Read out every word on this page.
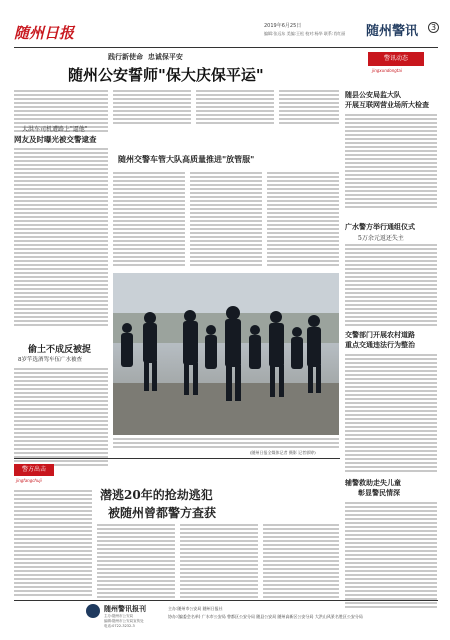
随州日报	2019年6月25日
编辑:张远东 美编:王松 校对:杨华 联系:肖红丽 随州警讯	3
践行新使命  忠诚保平安
随州公安誓师"保大庆保平运"
警讯动态
jingxundongtai
随县公安局监大队
开展互联网营业场所大检查
广水警方举行通组仪式
5万余元返还失主
交警部门开展农村道路
重点交通违法行为整治
辅警救助走失儿童
彰显警民情深
大洪车司机遭路上"逼他"
网友及时曝光被交警逮查
随州交警车管大队高质量推进"放管服"
(随州日报全媒体记者 摄影 记者郭婷)
偷土不成反被捉
8岁竿选酒驾车伍广水被查
警方出击
jingfangchuji
潜逃20年的抢劫逃犯
被随州曾都警方查获
随州警讯报刊
主办:随州市公安局
编辑:随州市公安局宣传处
电话:0722-3232-3
主办:随州市公安局 随州日报社
协办:(编委会名单) 广水市公安局 曾都区公安分局 随县公安局 随州高新区公安分局 大洪山风景名胜区公安分局
